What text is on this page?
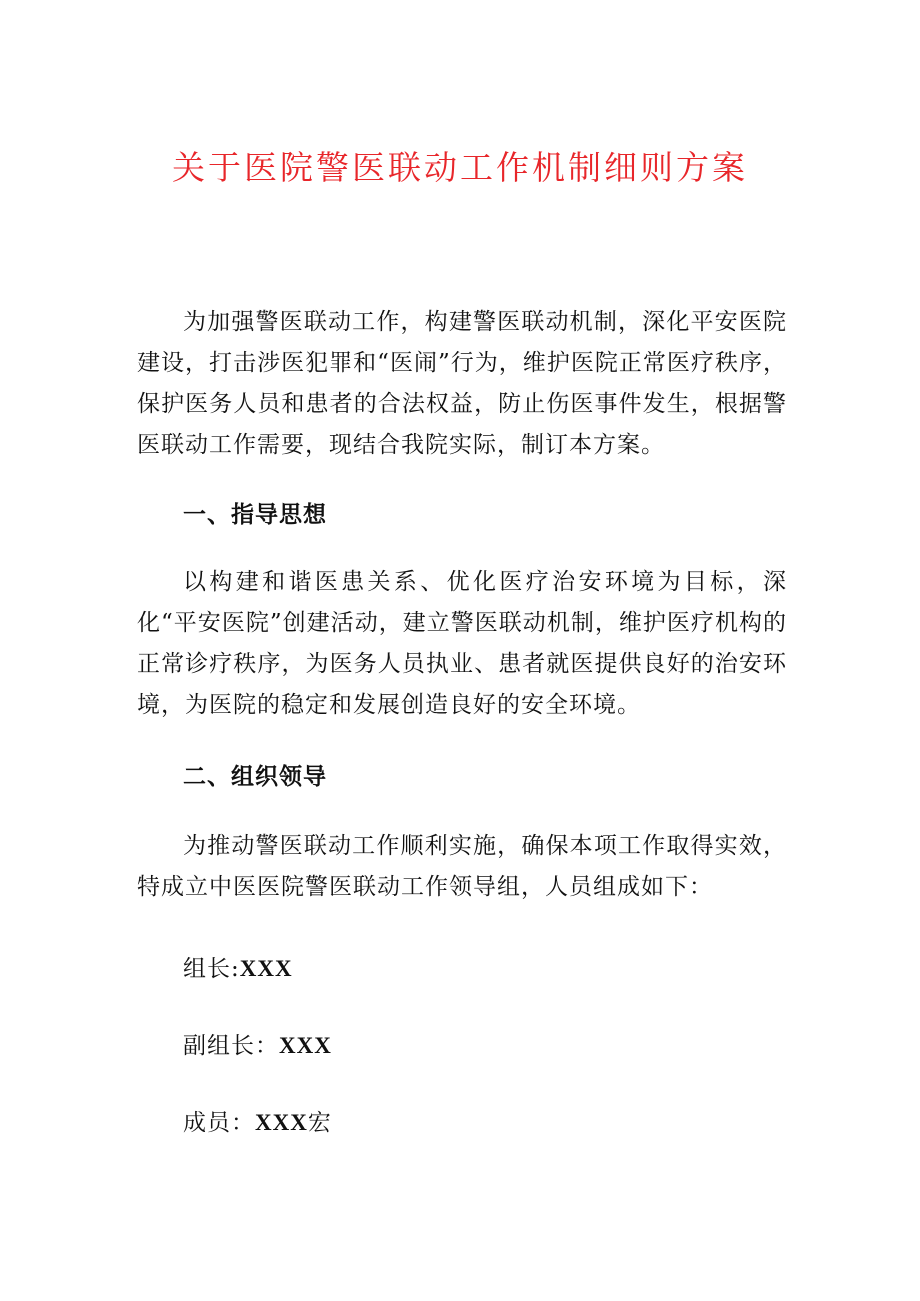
关于医院警医联动工作机制细则方案

为加强警医联动工作，构建警医联动机制，深化平安医院建设，打击涉医犯罪和“医闹”行为，维护医院正常医疗秩序，保护医务人员和患者的合法权益，防止伤医事件发生，根据警医联动工作需要，现结合我院实际，制订本方案。

一、指导思想

以构建和谐医患关系、优化医疗治安环境为目标，深化“平安医院”创建活动，建立警医联动机制，维护医疗机构的正常诊疗秩序，为医务人员执业、患者就医提供良好的治安环境，为医院的稳定和发展创造良好的安全环境。

二、组织领导

为推动警医联动工作顺利实施，确保本项工作取得实效，特成立中医医院警医联动工作领导组，人员组成如下：

组长:XXX

副组长：XXX

成员：XXX宏
